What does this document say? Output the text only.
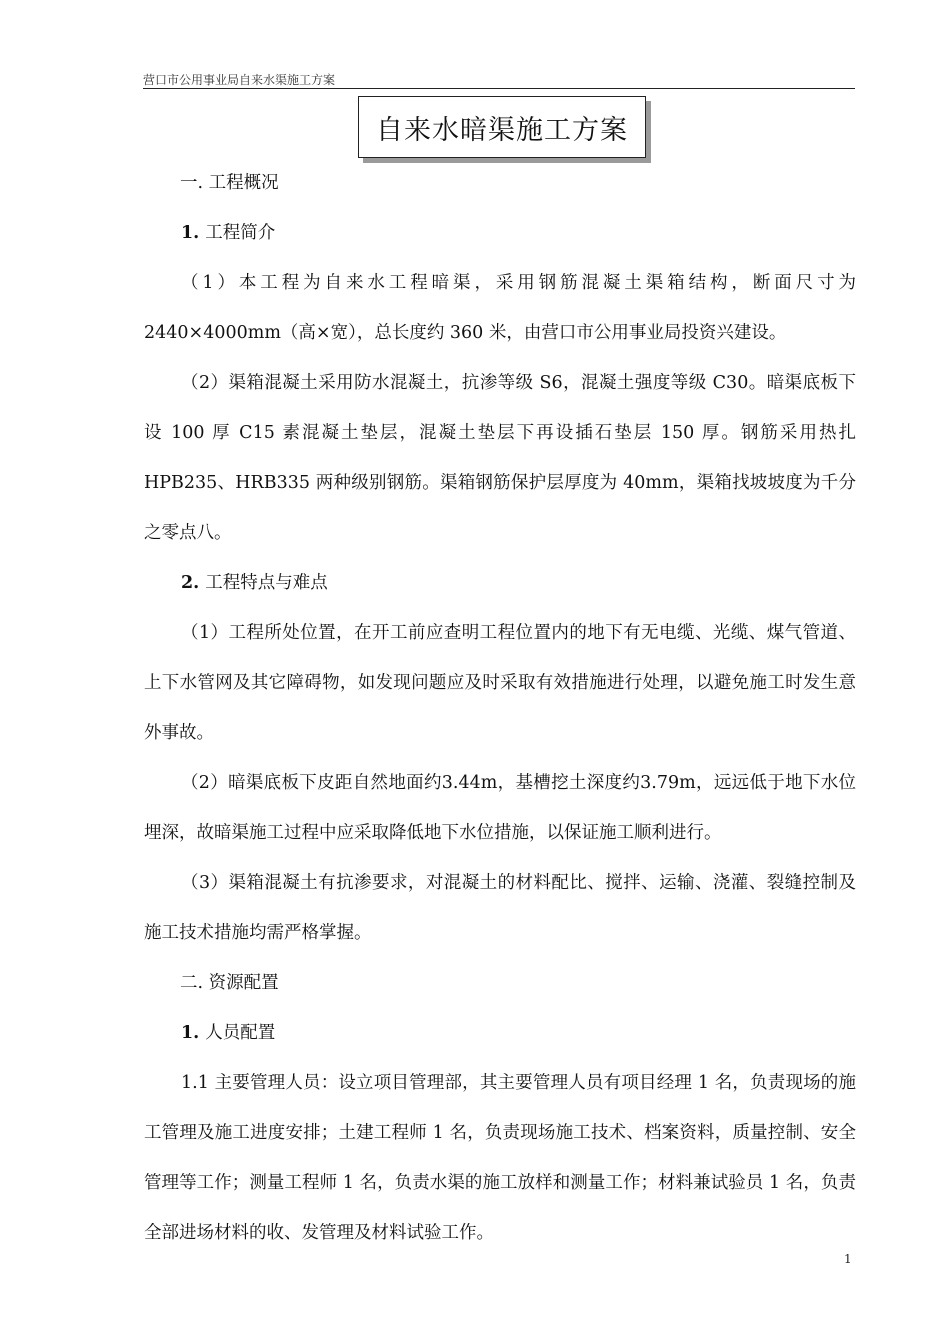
营口市公用事业局自来水渠施工方案
自来水暗渠施工方案

一. 工程概况

1. 工程简介

（1）本工程为自来水工程暗渠，采用钢筋混凝土渠箱结构，断面尺寸为 2440×4000mm（高×宽），总长度约 360 米，由营口市公用事业局投资兴建设。

（2）渠箱混凝土采用防水混凝土，抗渗等级 S6，混凝土强度等级 C30。暗渠底板下设 100 厚 C15 素混凝土垫层，混凝土垫层下再设插石垫层 150 厚。钢筋采用热扎 HPB235、HRB335 两种级别钢筋。渠箱钢筋保护层厚度为 40mm，渠箱找坡坡度为千分之零点八。

2. 工程特点与难点

（1）工程所处位置，在开工前应查明工程位置内的地下有无电缆、光缆、煤气管道、上下水管网及其它障碍物，如发现问题应及时采取有效措施进行处理，以避免施工时发生意外事故。

（2）暗渠底板下皮距自然地面约3.44m，基槽挖土深度约3.79m，远远低于地下水位埋深，故暗渠施工过程中应采取降低地下水位措施，以保证施工顺利进行。

（3）渠箱混凝土有抗渗要求，对混凝土的材料配比、搅拌、运输、浇灌、裂缝控制及施工技术措施均需严格掌握。

二. 资源配置

1. 人员配置

1.1 主要管理人员：设立项目管理部，其主要管理人员有项目经理 1 名，负责现场的施工管理及施工进度安排；土建工程师 1 名，负责现场施工技术、档案资料，质量控制、安全管理等工作；测量工程师 1 名，负责水渠的施工放样和测量工作；材料兼试验员 1 名，负责全部进场材料的收、发管理及材料试验工作。

1
